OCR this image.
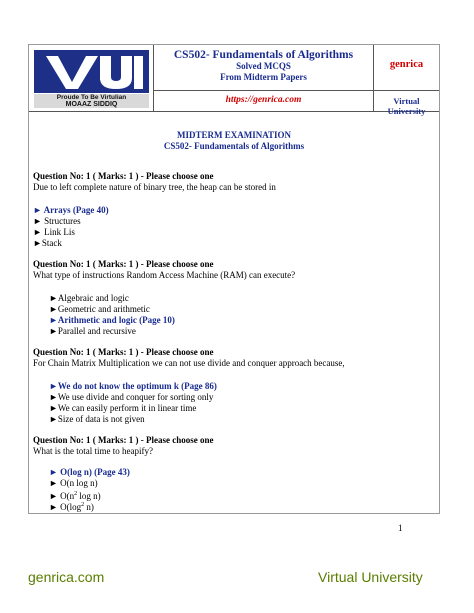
Proude To Be Virtulian
MOAAZ SIDDIQ
CS502- Fundamentals of Algorithms
Solved MCQS
From Midterm Papers
genrica
https://genrica.com	Virtual University
MIDTERM EXAMINATION
CS502- Fundamentals of Algorithms
Question No: 1 ( Marks: 1 ) - Please choose one
Due to left complete nature of binary tree, the heap can be stored in
► Arrays (Page 40)
► Structures
► Link Lis
►Stack
Question No: 1 ( Marks: 1 ) - Please choose one
What type of instructions Random Access Machine (RAM) can execute?
►Algebraic and logic
►Geometric and arithmetic
►Arithmetic and logic (Page 10)
►Parallel and recursive
Question No: 1 ( Marks: 1 ) - Please choose one
For Chain Matrix Multiplication we can not use divide and conquer approach because,
►We do not know the optimum k (Page 86)
►We use divide and conquer for sorting only
►We can easily perform it in linear time
►Size of data is not given
Question No: 1 ( Marks: 1 ) - Please choose one
What is the total time to heapify?
► O(log n) (Page 43)
► O(n log n)
► $O(n^2$ log n)
► $O(\log^2$ n)
1
genrica.com	Virtual University
